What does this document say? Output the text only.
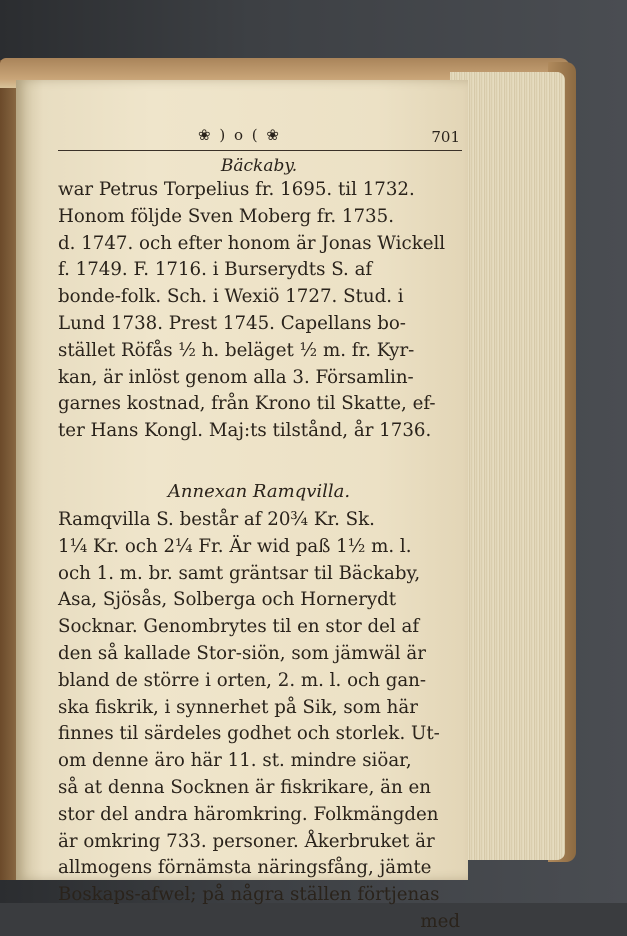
❀ ) o ( ❀	701
Bäckaby.
war Petrus Torpelius fr. 1695. til 1732.
Honom följde Sven Moberg fr. 1735.
d. 1747. och efter honom är Jonas Wickell
f. 1749. F. 1716. i Burserydts S. af
bonde-folk. Sch. i Wexiö 1727. Stud. i
Lund 1738. Prest 1745. Capellans bo-
stället Röfås ½ h. beläget ½ m. fr. Kyr-
kan, är inlöst genom alla 3. Församlin-
garnes kostnad, från Krono til Skatte, ef-
ter Hans Kongl. Maj:ts tilstånd, år 1736.
Annexan Ramqvilla.
Ramqvilla S. består af 20¾ Kr. Sk.
1¼ Kr. och 2¼ Fr. Är wid paß 1½ m. l.
och 1. m. br. samt gräntsar til Bäckaby,
Asa, Sjösås, Solberga och Hornerydt
Socknar. Genombrytes til en stor del af
den så kallade Stor-siön, som jämwäl är
bland de större i orten, 2. m. l. och gan-
ska fiskrik, i synnerhet på Sik, som här
finnes til särdeles godhet och storlek. Ut-
om denne äro här 11. st. mindre siöar,
så at denna Socknen är fiskrikare, än en
stor del andra häromkring. Folkmängden
är omkring 733. personer. Åkerbruket är
allmogens förnämsta näringsfång, jämte
Boskaps-afwel; på några ställen förtjenas
med
